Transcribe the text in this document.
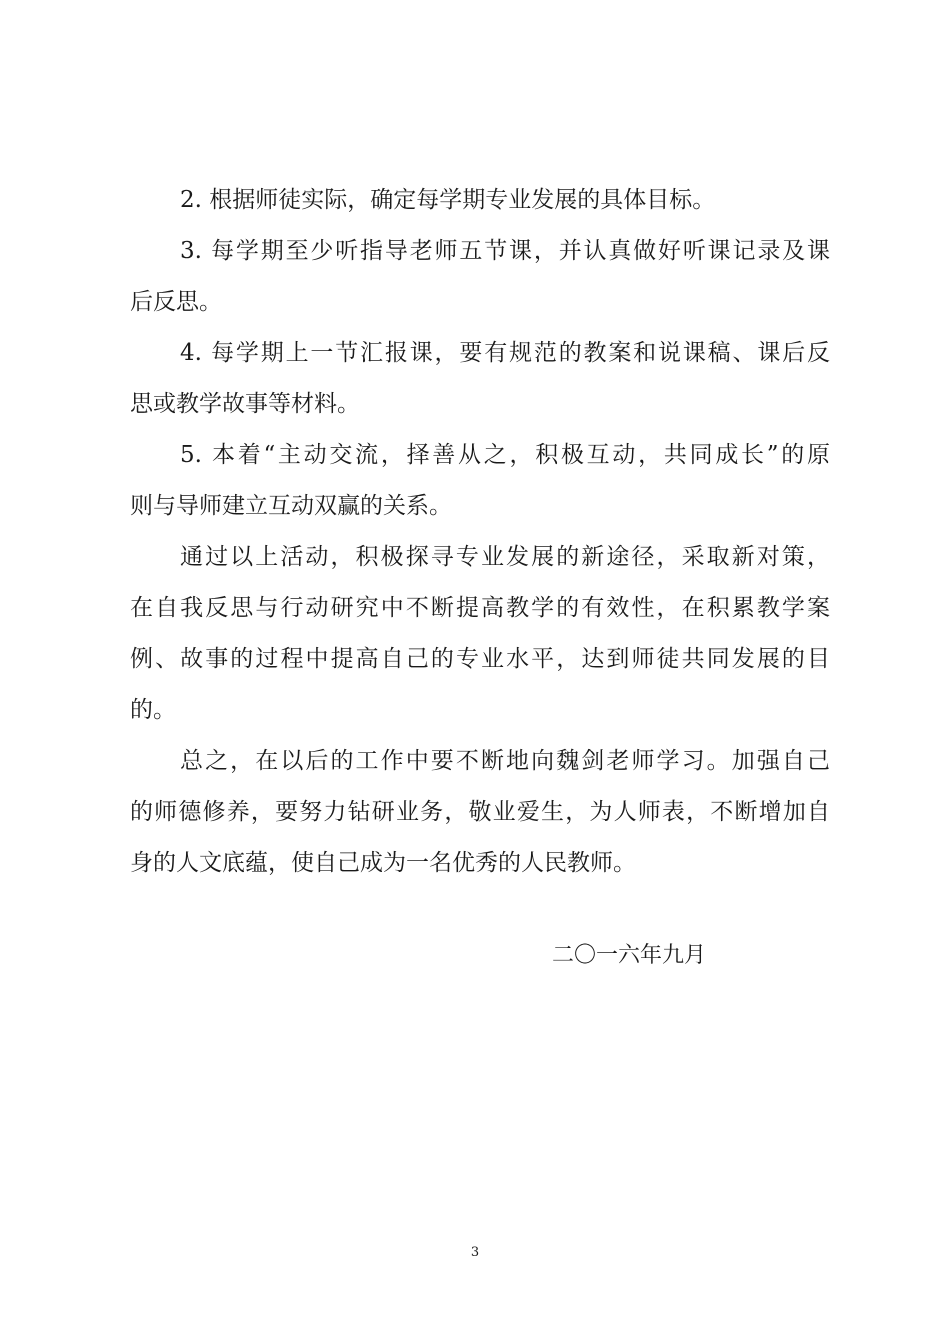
2. 根据师徒实际，确定每学期专业发展的具体目标。
3. 每学期至少听指导老师五节课，并认真做好听课记录及课
后反思。
4. 每学期上一节汇报课，要有规范的教案和说课稿、课后反
思或教学故事等材料。
5. 本着“主动交流，择善从之，积极互动，共同成长”的原
则与导师建立互动双赢的关系。
通过以上活动，积极探寻专业发展的新途径，采取新对策，
在自我反思与行动研究中不断提高教学的有效性，在积累教学案
例、故事的过程中提高自己的专业水平，达到师徒共同发展的目
的。
总之，在以后的工作中要不断地向魏剑老师学习。加强自己
的师德修养，要努力钻研业务，敬业爱生，为人师表，不断增加自
身的人文底蕴，使自己成为一名优秀的人民教师。
二〇一六年九月
3
